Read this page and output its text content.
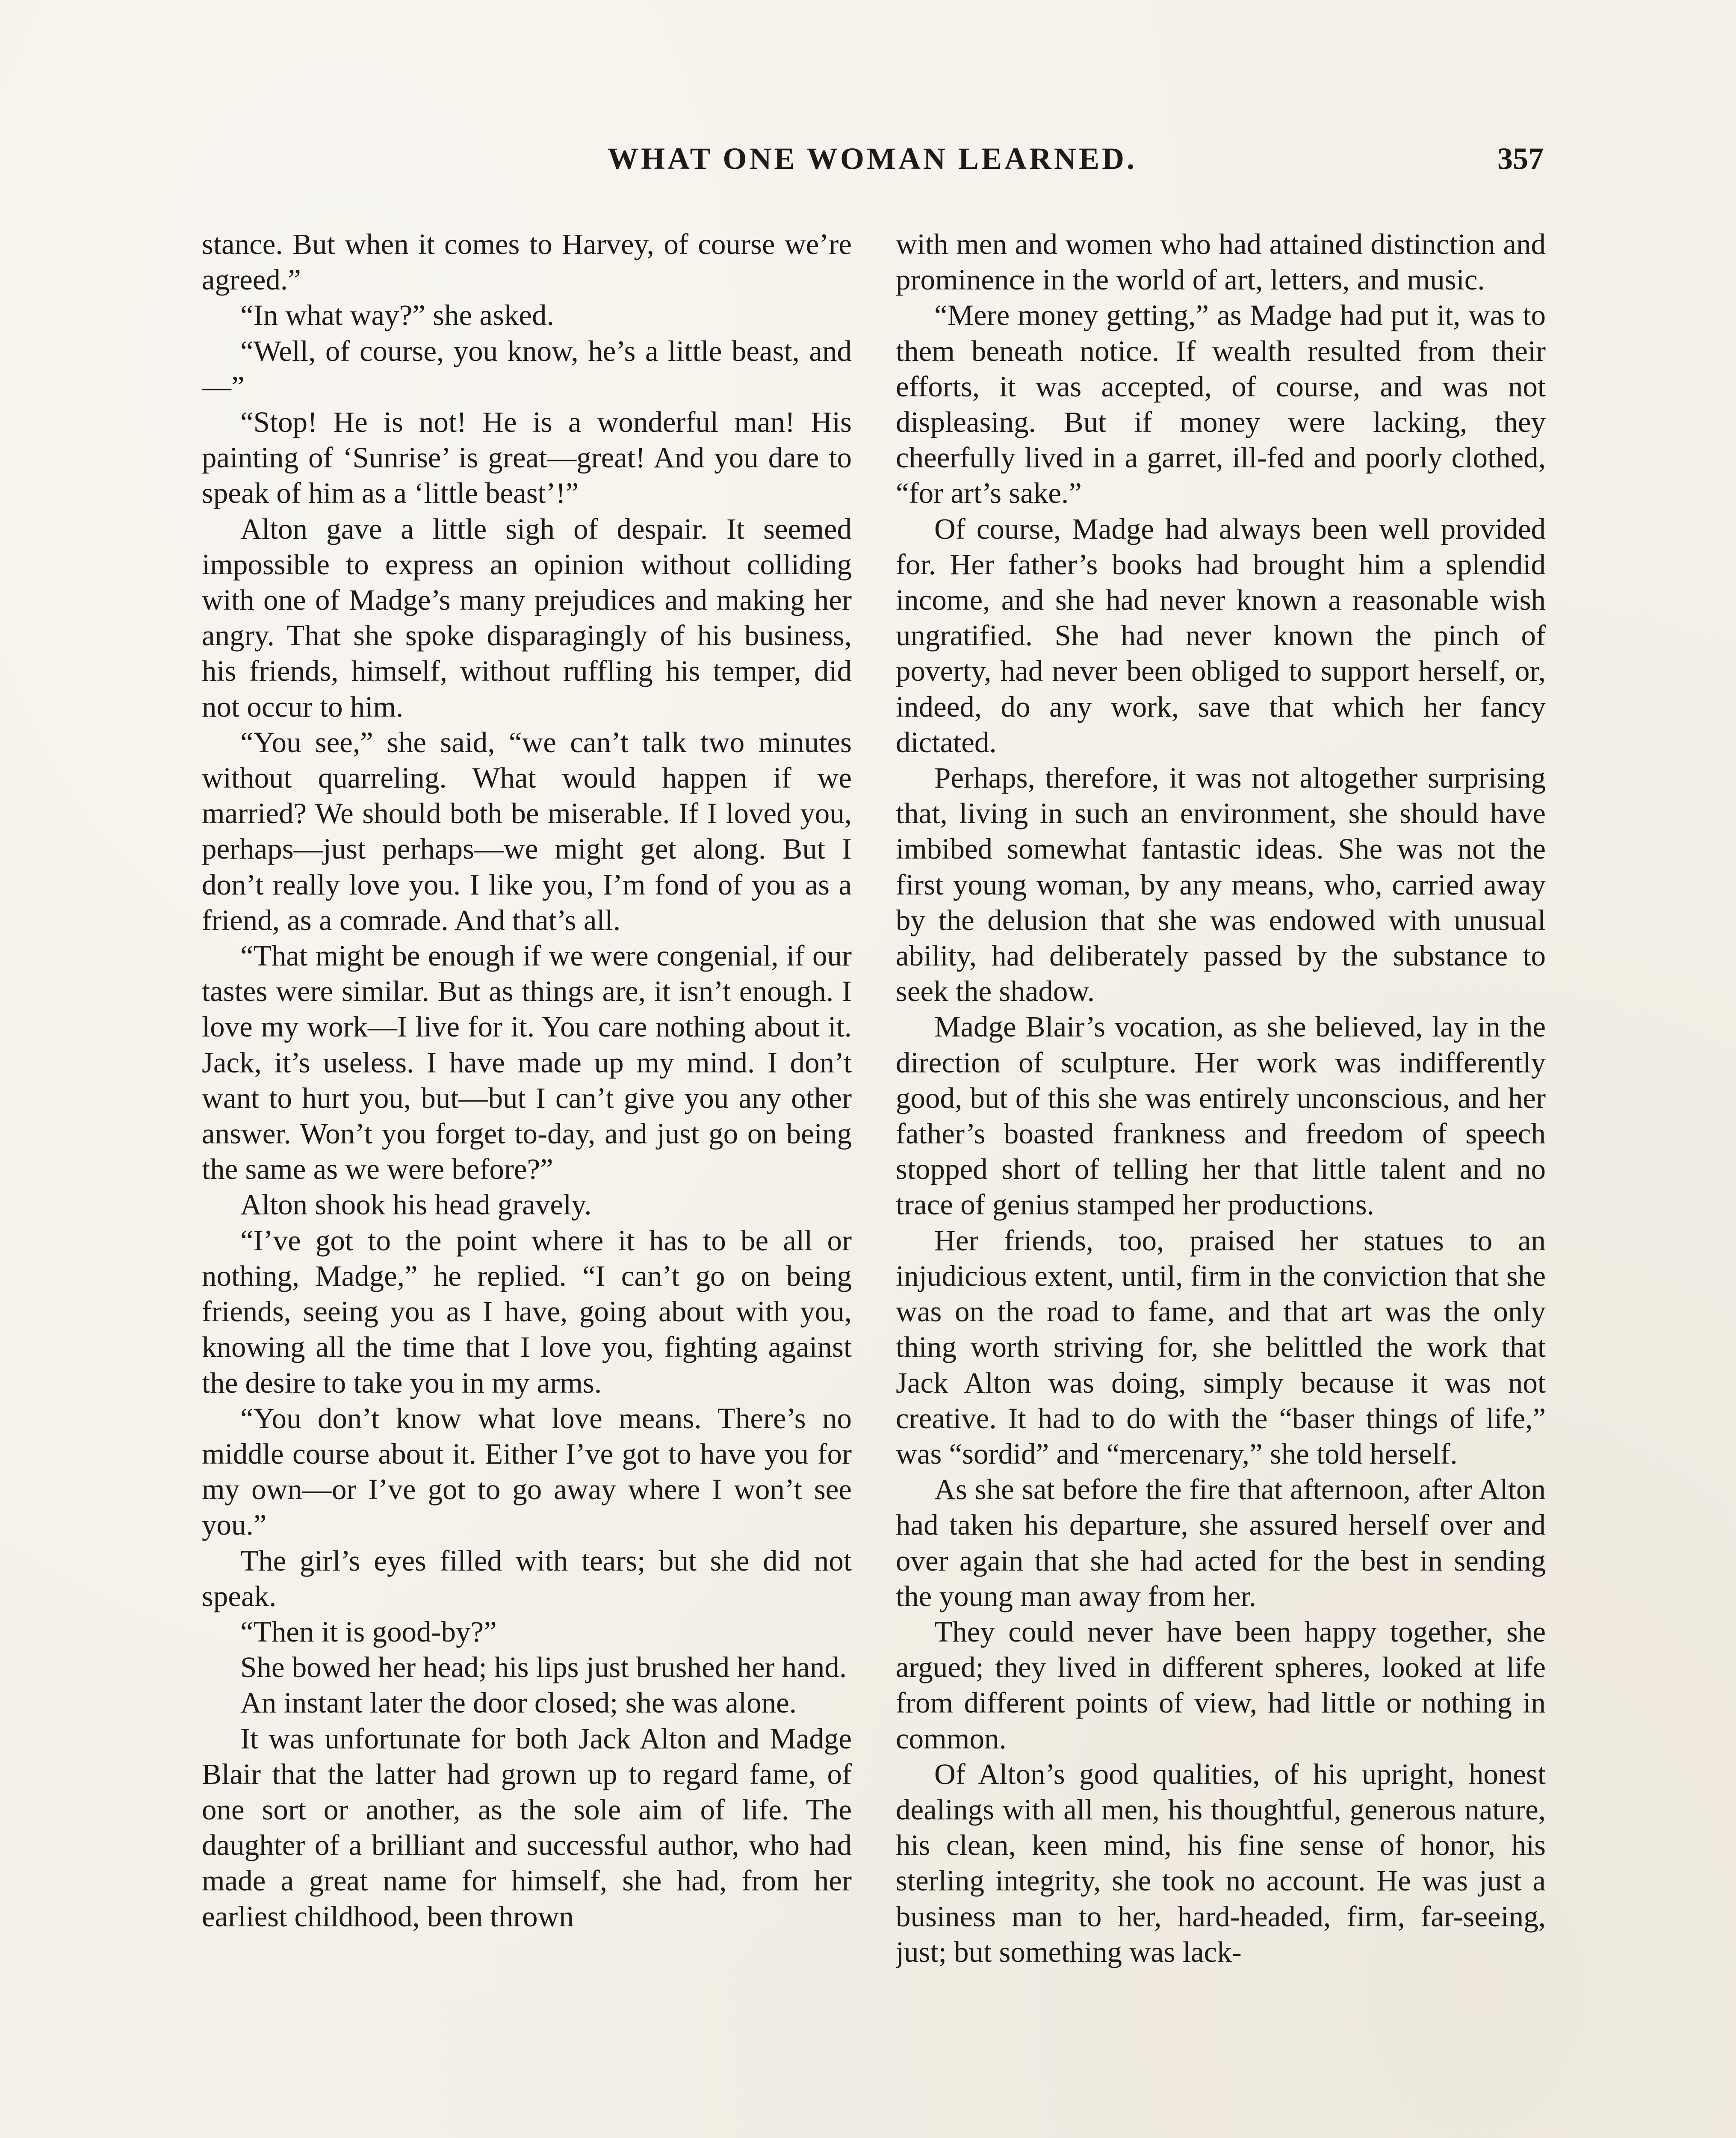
WHAT ONE WOMAN LEARNED.	357

stance. But when it comes to Harvey, of course we’re agreed.”

“In what way?” she asked.

“Well, of course, you know, he’s a little beast, and—”

“Stop! He is not! He is a wonderful man! His painting of ‘Sunrise’ is great—great! And you dare to speak of him as a ‘little beast’!”

Alton gave a little sigh of despair. It seemed impossible to express an opinion without colliding with one of Madge’s many prejudices and making her angry. That she spoke disparagingly of his business, his friends, himself, without ruffling his temper, did not occur to him.

“You see,” she said, “we can’t talk two minutes without quarreling. What would happen if we married? We should both be miserable. If I loved you, perhaps—just perhaps—we might get along. But I don’t really love you. I like you, I’m fond of you as a friend, as a comrade. And that’s all.

“That might be enough if we were congenial, if our tastes were similar. But as things are, it isn’t enough. I love my work—I live for it. You care nothing about it. Jack, it’s useless. I have made up my mind. I don’t want to hurt you, but—but I can’t give you any other answer. Won’t you forget to-day, and just go on being the same as we were before?”

Alton shook his head gravely.

“I’ve got to the point where it has to be all or nothing, Madge,” he replied. “I can’t go on being friends, seeing you as I have, going about with you, knowing all the time that I love you, fighting against the desire to take you in my arms.

“You don’t know what love means. There’s no middle course about it. Either I’ve got to have you for my own—or I’ve got to go away where I won’t see you.”

The girl’s eyes filled with tears; but she did not speak.

“Then it is good-by?”

She bowed her head; his lips just brushed her hand.

An instant later the door closed; she was alone.

It was unfortunate for both Jack Alton and Madge Blair that the latter had grown up to regard fame, of one sort or another, as the sole aim of life. The daughter of a brilliant and successful author, who had made a great name for himself, she had, from her earliest childhood, been thrown

with men and women who had attained distinction and prominence in the world of art, letters, and music.

“Mere money getting,” as Madge had put it, was to them beneath notice. If wealth resulted from their efforts, it was accepted, of course, and was not displeasing. But if money were lacking, they cheerfully lived in a garret, ill-fed and poorly clothed, “for art’s sake.”

Of course, Madge had always been well provided for. Her father’s books had brought him a splendid income, and she had never known a reasonable wish ungratified. She had never known the pinch of poverty, had never been obliged to support herself, or, indeed, do any work, save that which her fancy dictated.

Perhaps, therefore, it was not altogether surprising that, living in such an environment, she should have imbibed somewhat fantastic ideas. She was not the first young woman, by any means, who, carried away by the delusion that she was endowed with unusual ability, had deliberately passed by the substance to seek the shadow.

Madge Blair’s vocation, as she believed, lay in the direction of sculpture. Her work was indifferently good, but of this she was entirely unconscious, and her father’s boasted frankness and freedom of speech stopped short of telling her that little talent and no trace of genius stamped her productions.

Her friends, too, praised her statues to an injudicious extent, until, firm in the conviction that she was on the road to fame, and that art was the only thing worth striving for, she belittled the work that Jack Alton was doing, simply because it was not creative. It had to do with the “baser things of life,” was “sordid” and “mercenary,” she told herself.

As she sat before the fire that afternoon, after Alton had taken his departure, she assured herself over and over again that she had acted for the best in sending the young man away from her.

They could never have been happy together, she argued; they lived in different spheres, looked at life from different points of view, had little or nothing in common.

Of Alton’s good qualities, of his upright, honest dealings with all men, his thoughtful, generous nature, his clean, keen mind, his fine sense of honor, his sterling integrity, she took no account. He was just a business man to her, hard-headed, firm, far-seeing, just; but something was lack-
